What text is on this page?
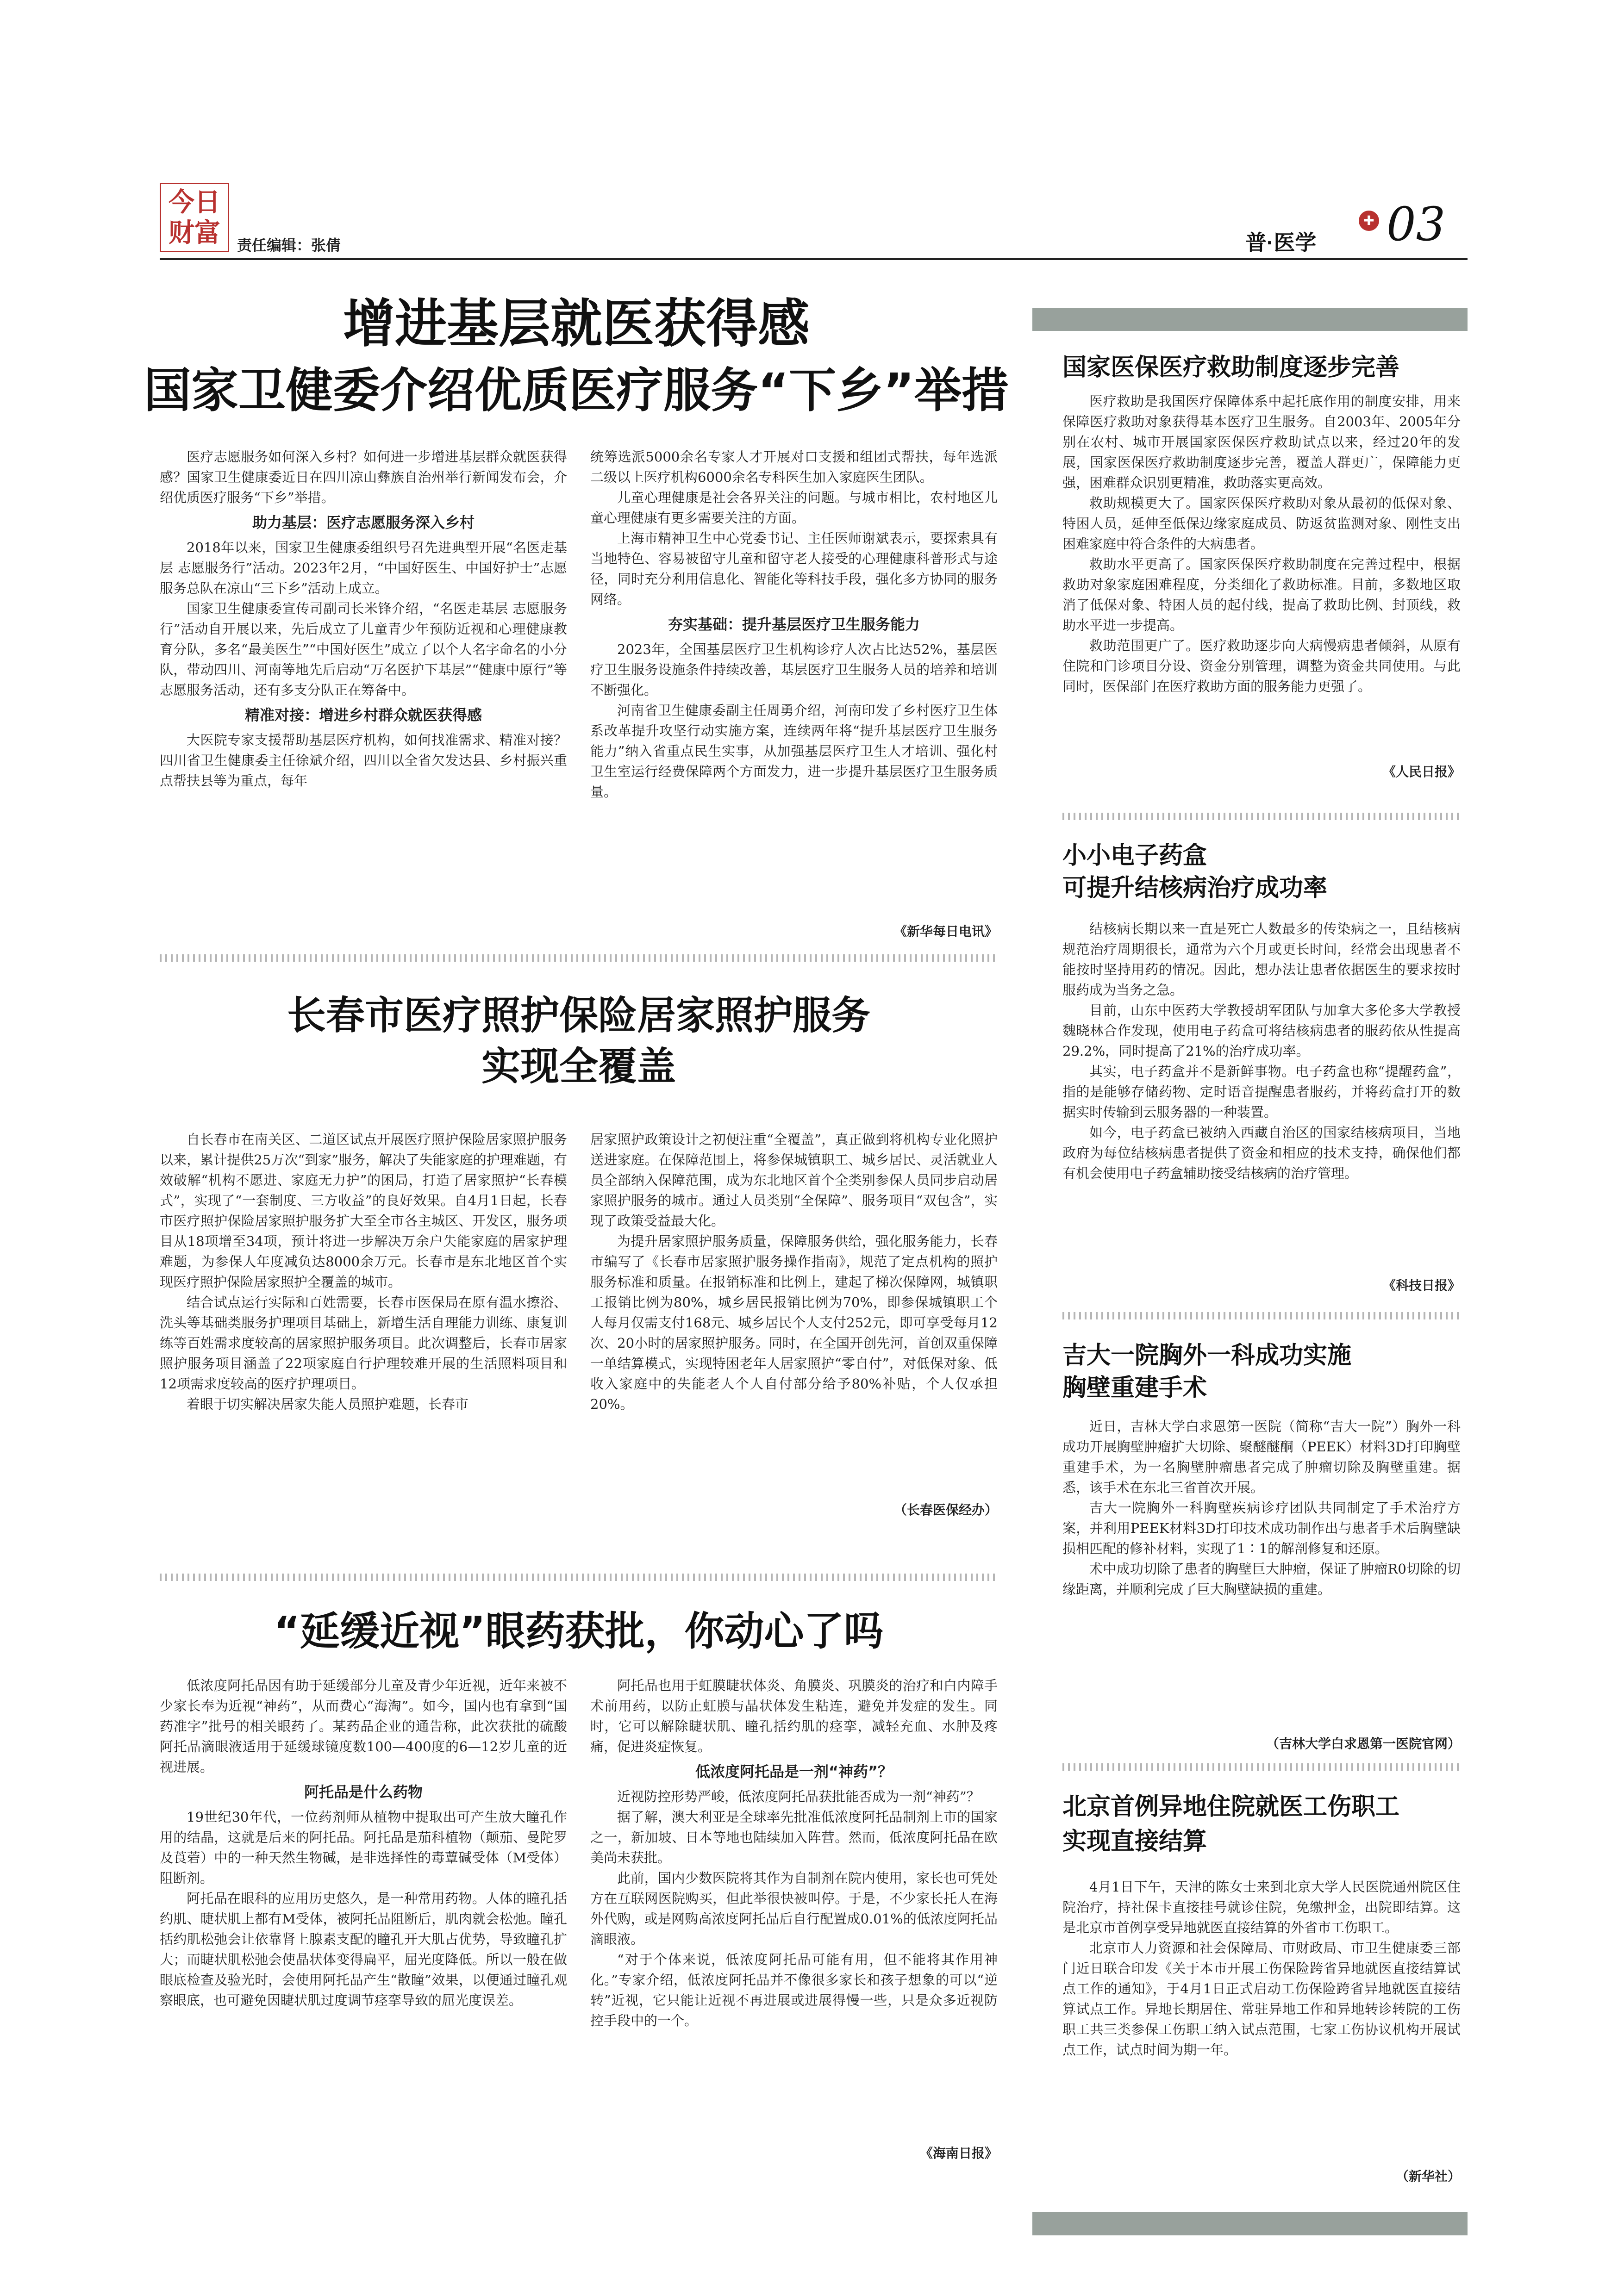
今日财富 责任编辑：张倩	普·医学
✚ 03
增进基层就医获得感
国家卫健委介绍优质医疗服务“下乡”举措

医疗志愿服务如何深入乡村？如何进一步增进基层群众就医获得感？国家卫生健康委近日在四川凉山彝族自治州举行新闻发布会，介绍优质医疗服务“下乡”举措。

助力基层：医疗志愿服务深入乡村

2018年以来，国家卫生健康委组织号召先进典型开展“名医走基层 志愿服务行”活动。2023年2月，“中国好医生、中国好护士”志愿服务总队在凉山“三下乡”活动上成立。

国家卫生健康委宣传司副司长米锋介绍，“名医走基层 志愿服务行”活动自开展以来，先后成立了儿童青少年预防近视和心理健康教育分队，多名“最美医生”“中国好医生”成立了以个人名字命名的小分队，带动四川、河南等地先后启动“万名医护下基层”“健康中原行”等志愿服务活动，还有多支分队正在筹备中。

精准对接：增进乡村群众就医获得感

大医院专家支援帮助基层医疗机构，如何找准需求、精准对接？四川省卫生健康委主任徐斌介绍，四川以全省欠发达县、乡村振兴重点帮扶县等为重点，每年

统筹选派5000余名专家人才开展对口支援和组团式帮扶，每年选派二级以上医疗机构6000余名专科医生加入家庭医生团队。

儿童心理健康是社会各界关注的问题。与城市相比，农村地区儿童心理健康有更多需要关注的方面。

上海市精神卫生中心党委书记、主任医师谢斌表示，要探索具有当地特色、容易被留守儿童和留守老人接受的心理健康科普形式与途径，同时充分利用信息化、智能化等科技手段，强化多方协同的服务网络。

夯实基础：提升基层医疗卫生服务能力

2023年，全国基层医疗卫生机构诊疗人次占比达52%，基层医疗卫生服务设施条件持续改善，基层医疗卫生服务人员的培养和培训不断强化。

河南省卫生健康委副主任周勇介绍，河南印发了乡村医疗卫生体系改革提升攻坚行动实施方案，连续两年将“提升基层医疗卫生服务能力”纳入省重点民生实事，从加强基层医疗卫生人才培训、强化村卫生室运行经费保障两个方面发力，进一步提升基层医疗卫生服务质量。

《新华每日电讯》
长春市医疗照护保险居家照护服务
实现全覆盖

自长春市在南关区、二道区试点开展医疗照护保险居家照护服务以来，累计提供25万次“到家”服务，解决了失能家庭的护理难题，有效破解“机构不愿进、家庭无力护”的困局，打造了居家照护“长春模式”，实现了“一套制度、三方收益”的良好效果。自4月1日起，长春市医疗照护保险居家照护服务扩大至全市各主城区、开发区，服务项目从18项增至34项，预计将进一步解决万余户失能家庭的居家护理难题，为参保人年度减负达8000余万元。长春市是东北地区首个实现医疗照护保险居家照护全覆盖的城市。

结合试点运行实际和百姓需要，长春市医保局在原有温水擦浴、洗头等基础类服务护理项目基础上，新增生活自理能力训练、康复训练等百姓需求度较高的居家照护服务项目。此次调整后，长春市居家照护服务项目涵盖了22项家庭自行护理较难开展的生活照料项目和12项需求度较高的医疗护理项目。

着眼于切实解决居家失能人员照护难题，长春市

居家照护政策设计之初便注重“全覆盖”，真正做到将机构专业化照护送进家庭。在保障范围上，将参保城镇职工、城乡居民、灵活就业人员全部纳入保障范围，成为东北地区首个全类别参保人员同步启动居家照护服务的城市。通过人员类别“全保障”、服务项目“双包含”，实现了政策受益最大化。

为提升居家照护服务质量，保障服务供给，强化服务能力，长春市编写了《长春市居家照护服务操作指南》，规范了定点机构的照护服务标准和质量。在报销标准和比例上，建起了梯次保障网，城镇职工报销比例为80%，城乡居民报销比例为70%，即参保城镇职工个人每月仅需支付168元、城乡居民个人支付252元，即可享受每月12次、20小时的居家照护服务。同时，在全国开创先河，首创双重保障一单结算模式，实现特困老年人居家照护“零自付”，对低保对象、低收入家庭中的失能老人个人自付部分给予80%补贴，个人仅承担20%。

（长春医保经办）
“延缓近视”眼药获批，你动心了吗

低浓度阿托品因有助于延缓部分儿童及青少年近视，近年来被不少家长奉为近视“神药”，从而费心“海淘”。如今，国内也有拿到“国药准字”批号的相关眼药了。某药品企业的通告称，此次获批的硫酸阿托品滴眼液适用于延缓球镜度数100—400度的6—12岁儿童的近视进展。

阿托品是什么药物

19世纪30年代，一位药剂师从植物中提取出可产生放大瞳孔作用的结晶，这就是后来的阿托品。阿托品是茄科植物（颠茄、曼陀罗及莨菪）中的一种天然生物碱，是非选择性的毒蕈碱受体（M受体）阻断剂。

阿托品在眼科的应用历史悠久，是一种常用药物。人体的瞳孔括约肌、睫状肌上都有M受体，被阿托品阻断后，肌肉就会松弛。瞳孔括约肌松弛会让依靠肾上腺素支配的瞳孔开大肌占优势，导致瞳孔扩大；而睫状肌松弛会使晶状体变得扁平，屈光度降低。所以一般在做眼底检查及验光时，会使用阿托品产生“散瞳”效果，以便通过瞳孔观察眼底，也可避免因睫状肌过度调节痉挛导致的屈光度误差。

阿托品也用于虹膜睫状体炎、角膜炎、巩膜炎的治疗和白内障手术前用药，以防止虹膜与晶状体发生粘连，避免并发症的发生。同时，它可以解除睫状肌、瞳孔括约肌的痉挛，减轻充血、水肿及疼痛，促进炎症恢复。

低浓度阿托品是一剂“神药”？

近视防控形势严峻，低浓度阿托品获批能否成为一剂“神药”？

据了解，澳大利亚是全球率先批准低浓度阿托品制剂上市的国家之一，新加坡、日本等地也陆续加入阵营。然而，低浓度阿托品在欧美尚未获批。

此前，国内少数医院将其作为自制剂在院内使用，家长也可凭处方在互联网医院购买，但此举很快被叫停。于是，不少家长托人在海外代购，或是网购高浓度阿托品后自行配置成0.01%的低浓度阿托品滴眼液。

“对于个体来说，低浓度阿托品可能有用，但不能将其作用神化。”专家介绍，低浓度阿托品并不像很多家长和孩子想象的可以“逆转”近视，它只能让近视不再进展或进展得慢一些，只是众多近视防控手段中的一个。

《海南日报》
国家医保医疗救助制度逐步完善

医疗救助是我国医疗保障体系中起托底作用的制度安排，用来保障医疗救助对象获得基本医疗卫生服务。自2003年、2005年分别在农村、城市开展国家医保医疗救助试点以来，经过20年的发展，国家医保医疗救助制度逐步完善，覆盖人群更广，保障能力更强，困难群众识别更精准，救助落实更高效。

救助规模更大了。国家医保医疗救助对象从最初的低保对象、特困人员，延伸至低保边缘家庭成员、防返贫监测对象、刚性支出困难家庭中符合条件的大病患者。

救助水平更高了。国家医保医疗救助制度在完善过程中，根据救助对象家庭困难程度，分类细化了救助标准。目前，多数地区取消了低保对象、特困人员的起付线，提高了救助比例、封顶线，救助水平进一步提高。

救助范围更广了。医疗救助逐步向大病慢病患者倾斜，从原有住院和门诊项目分设、资金分别管理，调整为资金共同使用。与此同时，医保部门在医疗救助方面的服务能力更强了。

《人民日报》
小小电子药盒
可提升结核病治疗成功率

结核病长期以来一直是死亡人数最多的传染病之一，且结核病规范治疗周期很长，通常为六个月或更长时间，经常会出现患者不能按时坚持用药的情况。因此，想办法让患者依据医生的要求按时服药成为当务之急。

目前，山东中医药大学教授胡军团队与加拿大多伦多大学教授魏晓林合作发现，使用电子药盒可将结核病患者的服药依从性提高29.2%，同时提高了21%的治疗成功率。

其实，电子药盒并不是新鲜事物。电子药盒也称“提醒药盒”，指的是能够存储药物、定时语音提醒患者服药，并将药盒打开的数据实时传输到云服务器的一种装置。

如今，电子药盒已被纳入西藏自治区的国家结核病项目，当地政府为每位结核病患者提供了资金和相应的技术支持，确保他们都有机会使用电子药盒辅助接受结核病的治疗管理。

《科技日报》
吉大一院胸外一科成功实施
胸壁重建手术

近日，吉林大学白求恩第一医院（简称“吉大一院”）胸外一科成功开展胸壁肿瘤扩大切除、聚醚醚酮（PEEK）材料3D打印胸壁重建手术，为一名胸壁肿瘤患者完成了肿瘤切除及胸壁重建。据悉，该手术在东北三省首次开展。

吉大一院胸外一科胸壁疾病诊疗团队共同制定了手术治疗方案，并利用PEEK材料3D打印技术成功制作出与患者手术后胸壁缺损相匹配的修补材料，实现了1∶1的解剖修复和还原。

术中成功切除了患者的胸壁巨大肿瘤，保证了肿瘤R0切除的切缘距离，并顺利完成了巨大胸壁缺损的重建。

（吉林大学白求恩第一医院官网）
北京首例异地住院就医工伤职工
实现直接结算

4月1日下午，天津的陈女士来到北京大学人民医院通州院区住院治疗，持社保卡直接挂号就诊住院，免缴押金，出院即结算。这是北京市首例享受异地就医直接结算的外省市工伤职工。

北京市人力资源和社会保障局、市财政局、市卫生健康委三部门近日联合印发《关于本市开展工伤保险跨省异地就医直接结算试点工作的通知》，于4月1日正式启动工伤保险跨省异地就医直接结算试点工作。异地长期居住、常驻异地工作和异地转诊转院的工伤职工共三类参保工伤职工纳入试点范围，七家工伤协议机构开展试点工作，试点时间为期一年。

（新华社）
